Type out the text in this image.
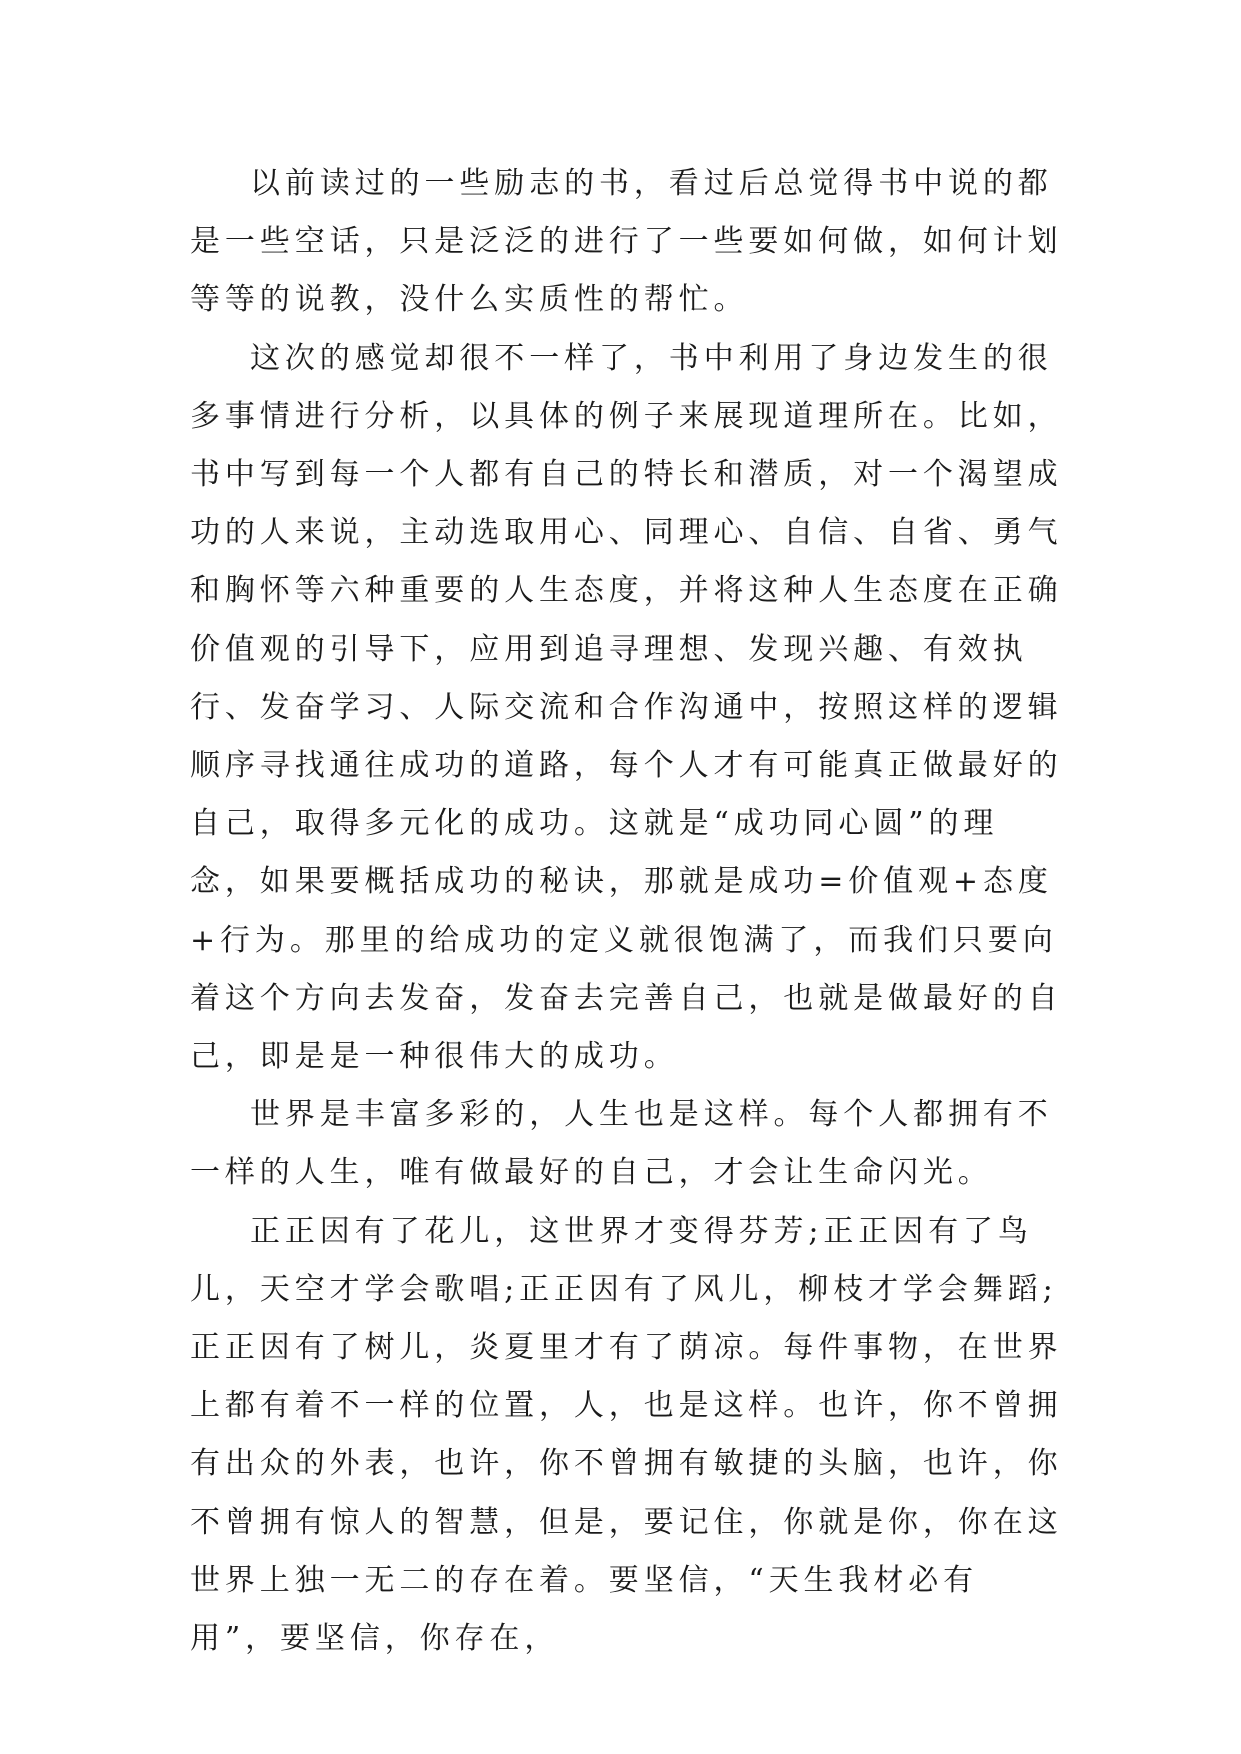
以前读过的一些励志的书，看过后总觉得书中说的都是一些空话，只是泛泛的进行了一些要如何做，如何计划等等的说教，没什么实质性的帮忙。

这次的感觉却很不一样了，书中利用了身边发生的很多事情进行分析，以具体的例子来展现道理所在。比如，书中写到每一个人都有自己的特长和潜质，对一个渴望成功的人来说，主动选取用心、同理心、自信、自省、勇气和胸怀等六种重要的人生态度，并将这种人生态度在正确价值观的引导下，应用到追寻理想、发现兴趣、有效执行、发奋学习、人际交流和合作沟通中，按照这样的逻辑顺序寻找通往成功的道路，每个人才有可能真正做最好的自己，取得多元化的成功。这就是“成功同心圆”的理念，如果要概括成功的秘诀，那就是成功=价值观+态度+行为。那里的给成功的定义就很饱满了，而我们只要向着这个方向去发奋，发奋去完善自己，也就是做最好的自己，即是是一种很伟大的成功。

世界是丰富多彩的，人生也是这样。每个人都拥有不一样的人生，唯有做最好的自己，才会让生命闪光。

正正因有了花儿，这世界才变得芬芳;正正因有了鸟儿，天空才学会歌唱;正正因有了风儿，柳枝才学会舞蹈;正正因有了树儿，炎夏里才有了荫凉。每件事物，在世界上都有着不一样的位置，人，也是这样。也许，你不曾拥有出众的外表，也许，你不曾拥有敏捷的头脑，也许，你不曾拥有惊人的智慧，但是，要记住，你就是你，你在这世界上独一无二的存在着。要坚信，“天生我材必有用”，要坚信，你存在，
